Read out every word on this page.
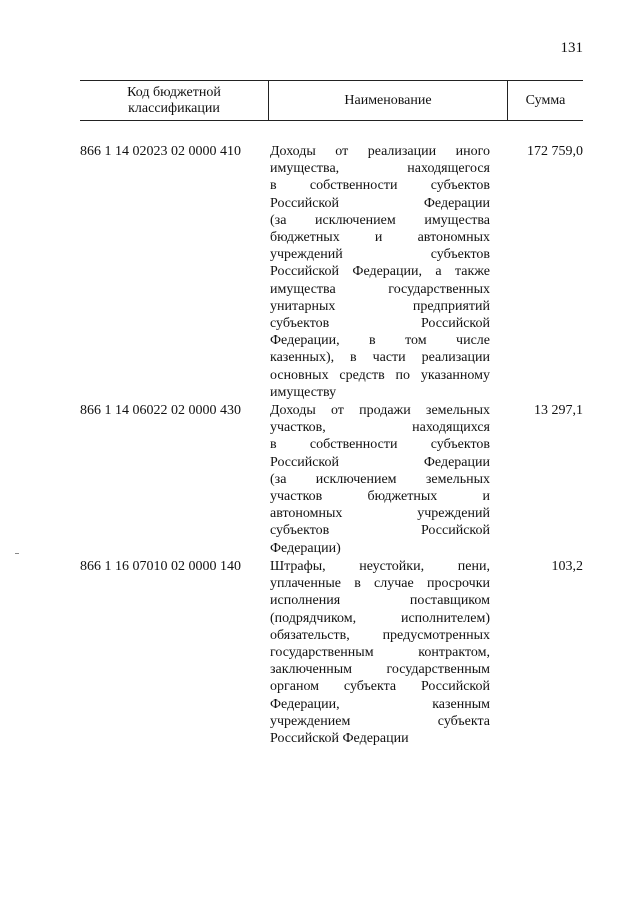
131
Код бюджетной
классификации
Наименование	Сумма
866 1 14 02023 02 0000 410 Доходы от реализации иного
имущества, находящегося
в собственности субъектов
Российской Федерации
(за исключением имущества
бюджетных и автономных
учреждений субъектов
Российской Федерации, а также
имущества государственных
унитарных предприятий
субъектов Российской
Федерации, в том числе
казенных), в части реализации
основных средств по указанному
имуществу
172 759,0
866 1 14 06022 02 0000 430 Доходы от продажи земельных
участков, находящихся
в собственности субъектов
Российской Федерации
(за исключением земельных
участков бюджетных и
автономных учреждений
субъектов Российской
Федерации)
13 297,1
866 1 16 07010 02 0000 140 Штрафы, неустойки, пени,
уплаченные в случае просрочки
исполнения поставщиком
(подрядчиком, исполнителем)
обязательств, предусмотренных
государственным контрактом,
заключенным государственным
органом субъекта Российской
Федерации, казенным
учреждением субъекта
Российской Федерации
103,2
